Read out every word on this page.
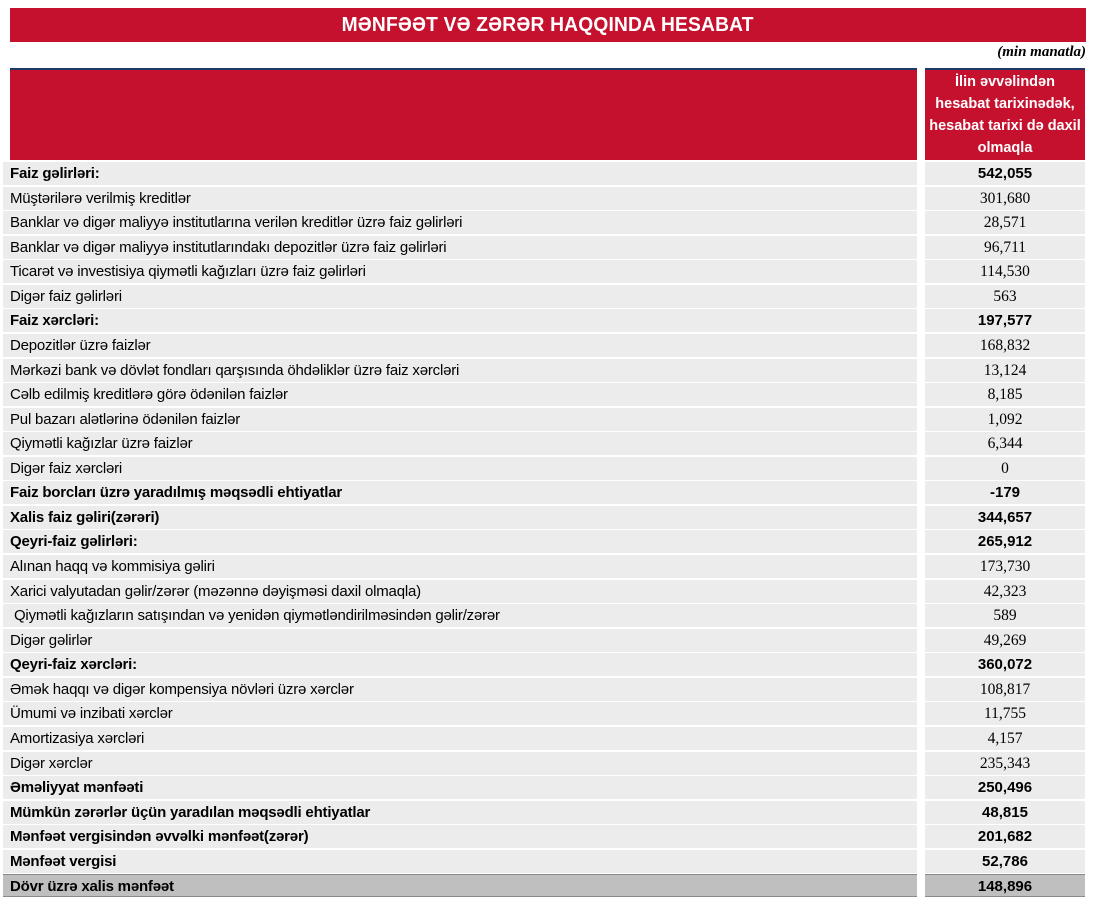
MƏNFƏƏT VƏ ZƏRƏR HAQQINDA HESABAT
(min manatla)
İlin əvvəlindən hesabat tarixinədək, hesabat tarixi də daxil olmaqla
Faiz gəlirləri:	542,055
Müştərilərə verilmiş kreditlər	301,680
Banklar və digər maliyyə institutlarına verilən kreditlər üzrə faiz gəlirləri	28,571
Banklar və digər maliyyə institutlarındakı depozitlər üzrə faiz gəlirləri	96,711
Ticarət və investisiya qiymətli kağızları üzrə faiz gəlirləri	114,530
Digər faiz gəlirləri	563
Faiz xərcləri:	197,577
Depozitlər üzrə faizlər	168,832
Mərkəzi bank və dövlət fondları qarşısında öhdəliklər üzrə faiz xərcləri	13,124
Cəlb edilmiş kreditlərə görə ödənilən faizlər	8,185
Pul bazarı alətlərinə ödənilən faizlər	1,092
Qiymətli kağızlar üzrə faizlər	6,344
Digər faiz xərcləri	0
Faiz borcları üzrə yaradılmış məqsədli ehtiyatlar	-179
Xalis faiz gəliri(zərəri)	344,657
Qeyri-faiz gəlirləri:	265,912
Alınan haqq və kommisiya gəliri	173,730
Xarici valyutadan gəlir/zərər (məzənnə dəyişməsi daxil olmaqla)	42,323
Qiymətli kağızların satışından və yenidən qiymətləndirilməsindən gəlir/zərər	589
Digər gəlirlər	49,269
Qeyri-faiz xərcləri:	360,072
Əmək haqqı və digər kompensiya növləri üzrə xərclər	108,817
Ümumi və inzibati xərclər	11,755
Amortizasiya xərcləri	4,157
Digər xərclər	235,343
Əməliyyat mənfəəti	250,496
Mümkün zərərlər üçün yaradılan məqsədli ehtiyatlar	48,815
Mənfəət vergisindən əvvəlki mənfəət(zərər)	201,682
Mənfəət vergisi	52,786
Dövr üzrə xalis mənfəət	148,896
